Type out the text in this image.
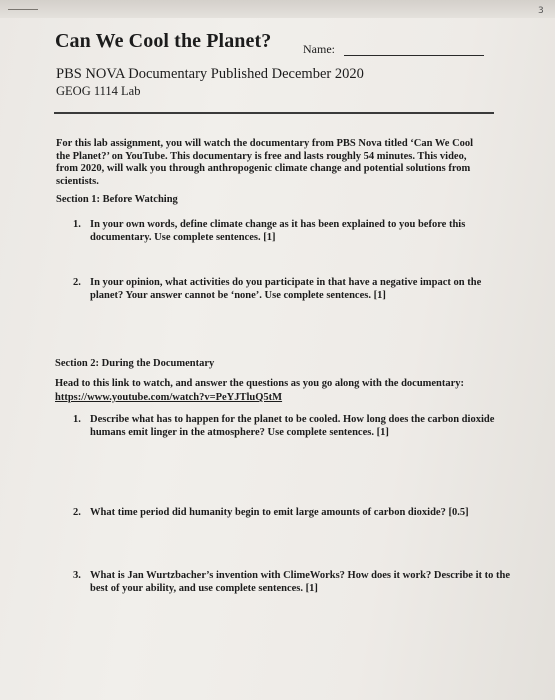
3
Can We Cool the Planet?	Name:
PBS NOVA Documentary Published December 2020
GEOG 1114 Lab
For this lab assignment, you will watch the documentary from PBS Nova titled ‘Can We Cool the Planet?’ on YouTube. This documentary is free and lasts roughly 54 minutes. This video, from 2020, will walk you through anthropogenic climate change and potential solutions from scientists.
Section 1: Before Watching
1. In your own words, define climate change as it has been explained to you before this documentary. Use complete sentences. [1]
2. In your opinion, what activities do you participate in that have a negative impact on the planet? Your answer cannot be ‘none’. Use complete sentences. [1]
Section 2: During the Documentary
Head to this link to watch, and answer the questions as you go along with the documentary:
https://www.youtube.com/watch?v=PeYJTluQ5tM
1. Describe what has to happen for the planet to be cooled. How long does the carbon dioxide humans emit linger in the atmosphere? Use complete sentences. [1]
2. What time period did humanity begin to emit large amounts of carbon dioxide? [0.5]
3. What is Jan Wurtzbacher’s invention with ClimeWorks? How does it work? Describe it to the best of your ability, and use complete sentences. [1]
